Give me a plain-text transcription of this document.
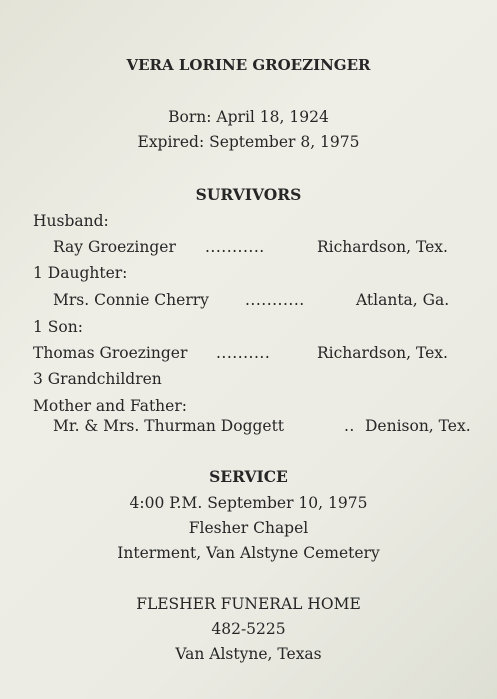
VERA LORINE GROEZINGER
Born: April 18, 1924
Expired: September 8, 1975
SURVIVORS
Husband:
Ray Groezinger ...........	Richardson, Tex.
1 Daughter:
Mrs. Connie Cherry ...........	Atlanta, Ga.
1 Son:
Thomas Groezinger ..........	Richardson, Tex.
3 Grandchildren
Mother and Father:
Mr. & Mrs. Thurman Doggett	.. Denison, Tex.
SERVICE
4:00 P.M. September 10, 1975
Flesher Chapel
Interment, Van Alstyne Cemetery
FLESHER FUNERAL HOME
482-5225
Van Alstyne, Texas
